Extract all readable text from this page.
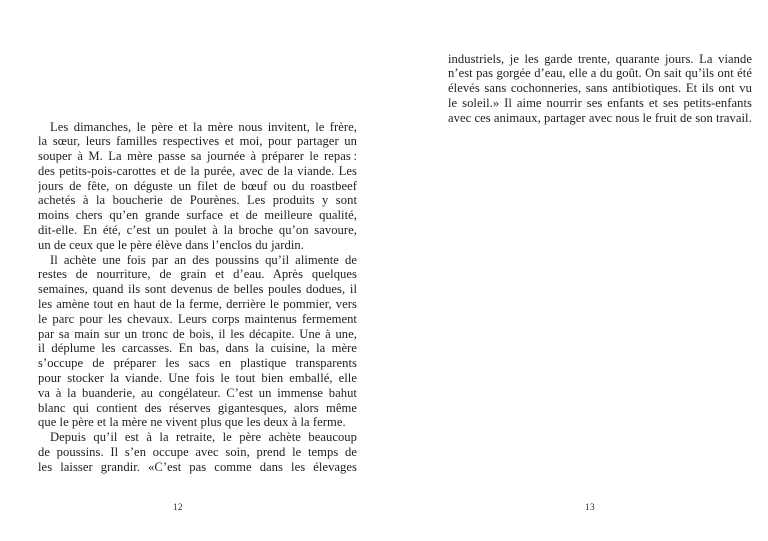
Les dimanches, le père et la mère nous invitent, le frère,
la sœur, leurs familles respectives et moi, pour partager un
souper à M. La mère passe sa journée à préparer le repas :
des petits-pois-carottes et de la purée, avec de la viande. Les
jours de fête, on déguste un filet de bœuf ou du roastbeef
achetés à la boucherie de Pourènes. Les produits y sont
moins chers qu’en grande surface et de meilleure qualité,
dit-elle. En été, c’est un poulet à la broche qu’on savoure,
un de ceux que le père élève dans l’enclos du jardin.
Il achète une fois par an des poussins qu’il alimente de
restes de nourriture, de grain et d’eau. Après quelques
semaines, quand ils sont devenus de belles poules dodues, il
les amène tout en haut de la ferme, derrière le pommier, vers
le parc pour les chevaux. Leurs corps maintenus fermement
par sa main sur un tronc de bois, il les décapite. Une à une,
il déplume les carcasses. En bas, dans la cuisine, la mère
s’occupe de préparer les sacs en plastique transparents
pour stocker la viande. Une fois le tout bien emballé, elle
va à la buanderie, au congélateur. C’est un immense bahut
blanc qui contient des réserves gigantesques, alors même
que le père et la mère ne vivent plus que les deux à la ferme.
Depuis qu’il est à la retraite, le père achète beaucoup
de poussins. Il s’en occupe avec soin, prend le temps de
les laisser grandir. «C’est pas comme dans les élevages
industriels, je les garde trente, quarante jours. La viande
n’est pas gorgée d’eau, elle a du goût. On sait qu’ils ont été
élevés sans cochonneries, sans antibiotiques. Et ils ont vu
le soleil.» Il aime nourrir ses enfants et ses petits-enfants
avec ces animaux, partager avec nous le fruit de son travail.
12	13
